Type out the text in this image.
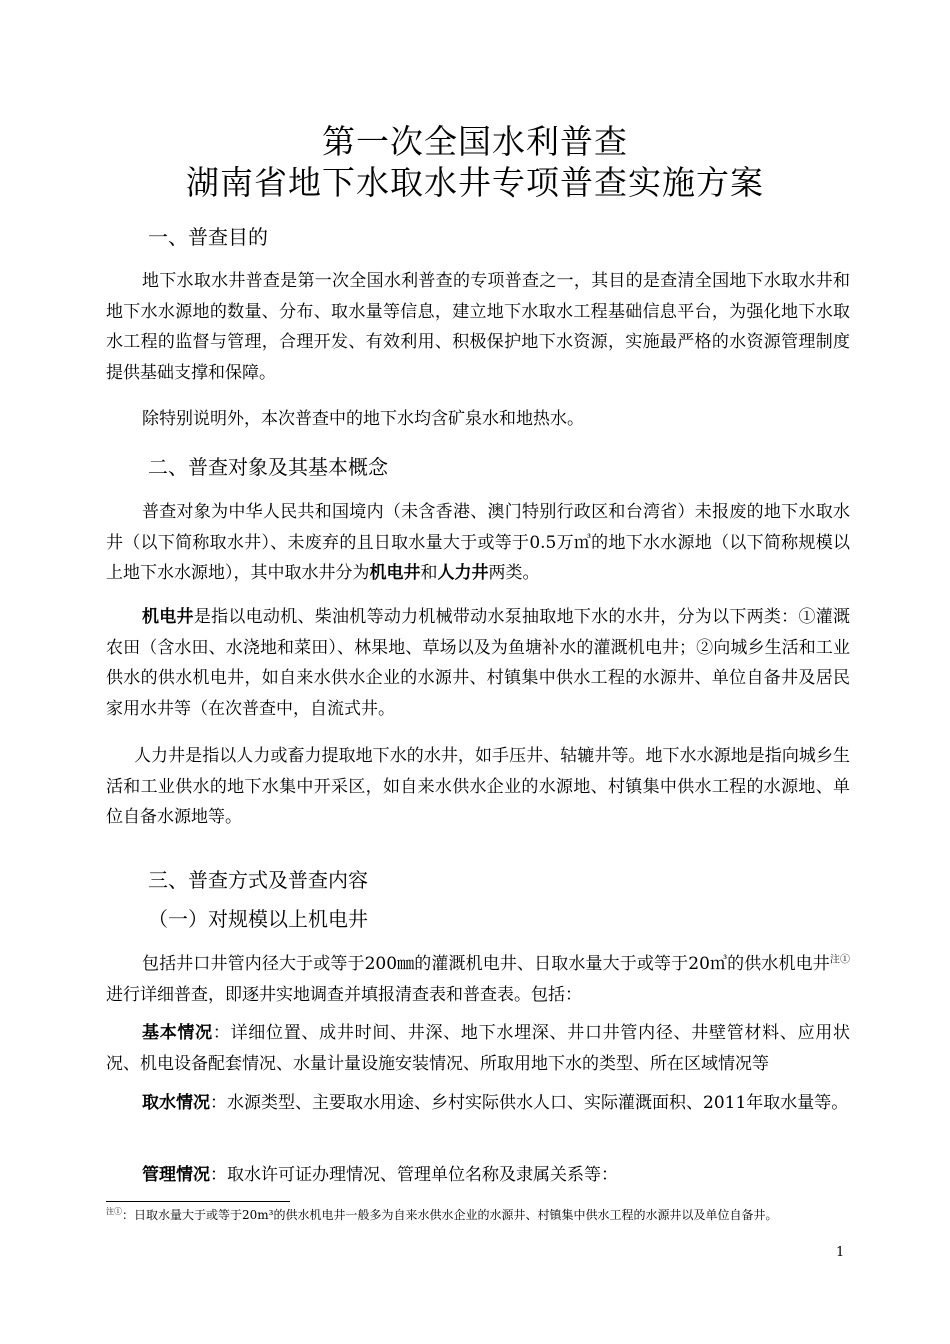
第一次全国水利普查
湖南省地下水取水井专项普查实施方案
一、普查目的
地下水取水井普查是第一次全国水利普查的专项普查之一，其目的是查清全国地下水取水井和地下水水源地的数量、分布、取水量等信息，建立地下水取水工程基础信息平台，为强化地下水取水工程的监督与管理，合理开发、有效利用、积极保护地下水资源，实施最严格的水资源管理制度提供基础支撑和保障。
除特别说明外，本次普查中的地下水均含矿泉水和地热水。
二、普查对象及其基本概念
普查对象为中华人民共和国境内（未含香港、澳门特别行政区和台湾省）未报废的地下水取水井（以下简称取水井）、未废弃的且日取水量大于或等于0.5万㎥的地下水水源地（以下简称规模以上地下水水源地），其中取水井分为机电井和人力井两类。
机电井是指以电动机、柴油机等动力机械带动水泵抽取地下水的水井，分为以下两类：①灌溉农田（含水田、水浇地和菜田）、林果地、草场以及为鱼塘补水的灌溉机电井；②向城乡生活和工业供水的供水机电井，如自来水供水企业的水源井、村镇集中供水工程的水源井、单位自备井及居民家用水井等（在次普查中，自流式井。
人力井是指以人力或畜力提取地下水的水井，如手压井、轱辘井等。地下水水源地是指向城乡生活和工业供水的地下水集中开采区，如自来水供水企业的水源地、村镇集中供水工程的水源地、单位自备水源地等。
三、普查方式及普查内容
（一）对规模以上机电井
包括井口井管内径大于或等于200㎜的灌溉机电井、日取水量大于或等于20㎥的供水机电井$^{注①}$进行详细普查，即逐井实地调查并填报清查表和普查表。包括：
基本情况：详细位置、成井时间、井深、地下水埋深、井口井管内径、井壁管材料、应用状况、机电设备配套情况、水量计量设施安装情况、所取用地下水的类型、所在区域情况等
取水情况：水源类型、主要取水用途、乡村实际供水人口、实际灌溉面积、2011年取水量等。
管理情况：取水许可证办理情况、管理单位名称及隶属关系等：
$^{注①}$：日取水量大于或等于20m³的供水机电井一般多为自来水供水企业的水源井、村镇集中供水工程的水源井以及单位自备井。
1
